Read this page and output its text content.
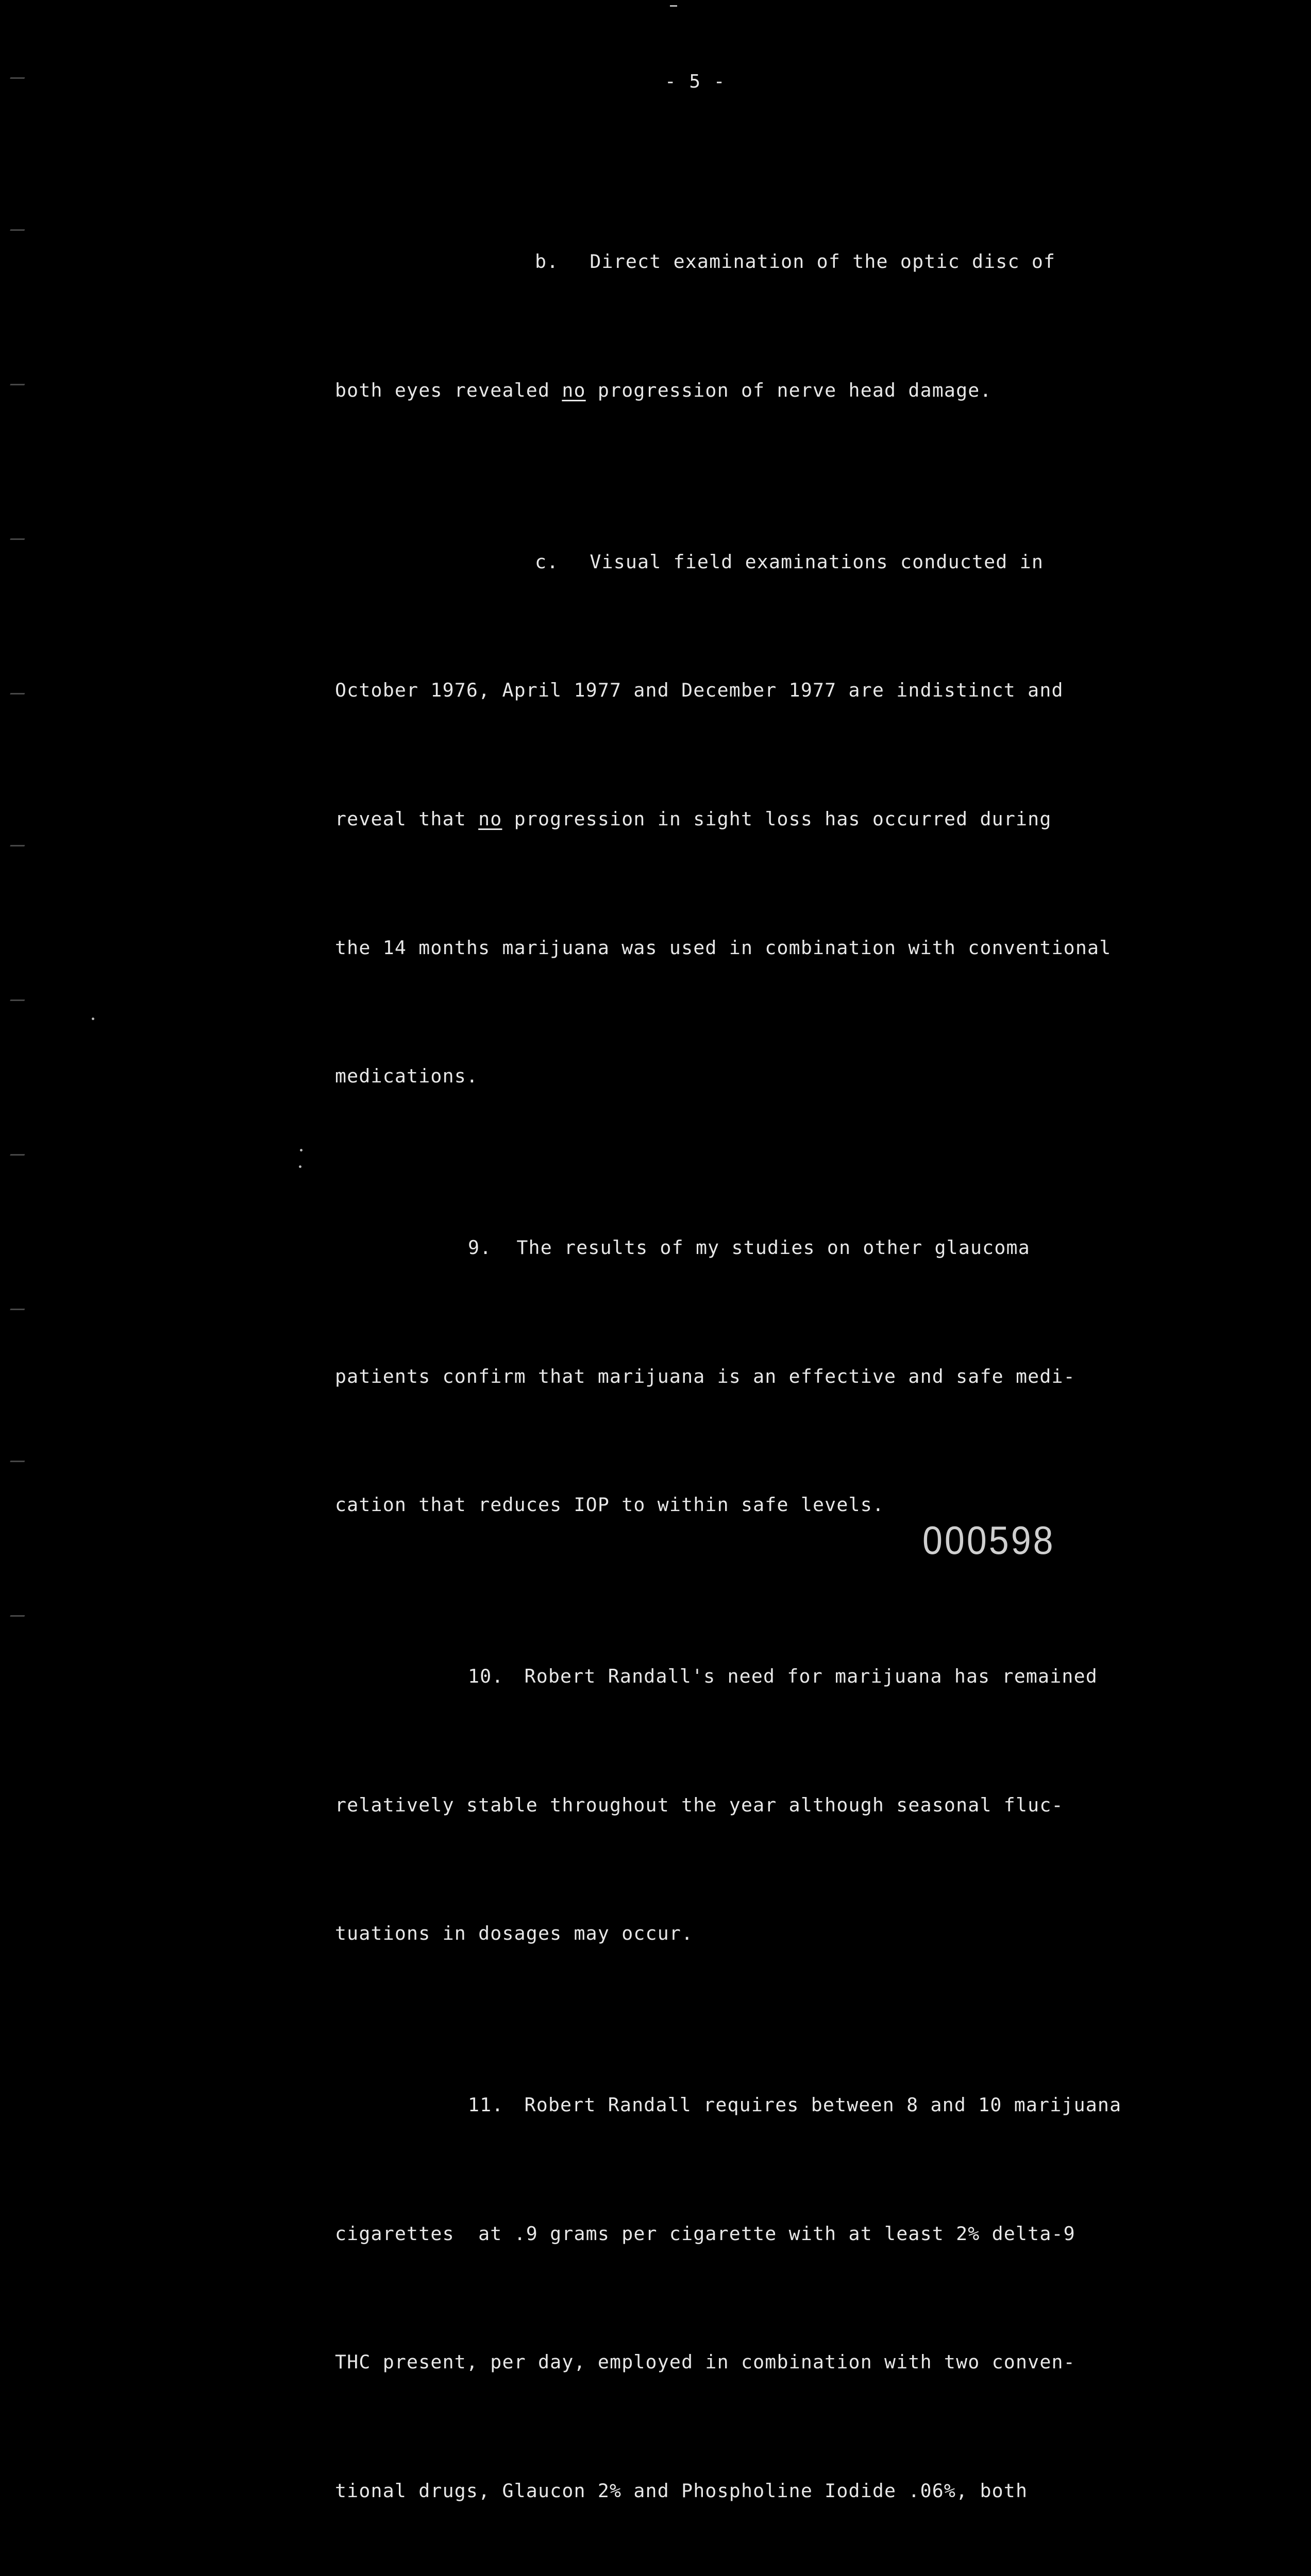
- 5 -

b. Direct examination of the optic disc of

both eyes revealed no progression of nerve head damage.

c. Visual field examinations conducted in

October 1976, April 1977 and December 1977 are indistinct and

reveal that no progression in sight loss has occurred during

the 14 months marijuana was used in combination with conventional

medications.

9. The results of my studies on other glaucoma

patients confirm that marijuana is an effective and safe medi-

cation that reduces IOP to within safe levels.

10. Robert Randall's need for marijuana has remained

relatively stable throughout the year although seasonal fluc-

tuations in dosages may occur.

11. Robert Randall requires between 8 and 10 marijuana

cigarettes  at .9 grams per cigarette with at least 2% delta-9

THC present, per day, employed in combination with two conven-

tional drugs, Glaucon 2% and Phospholine Iodide .06%, both

000598
